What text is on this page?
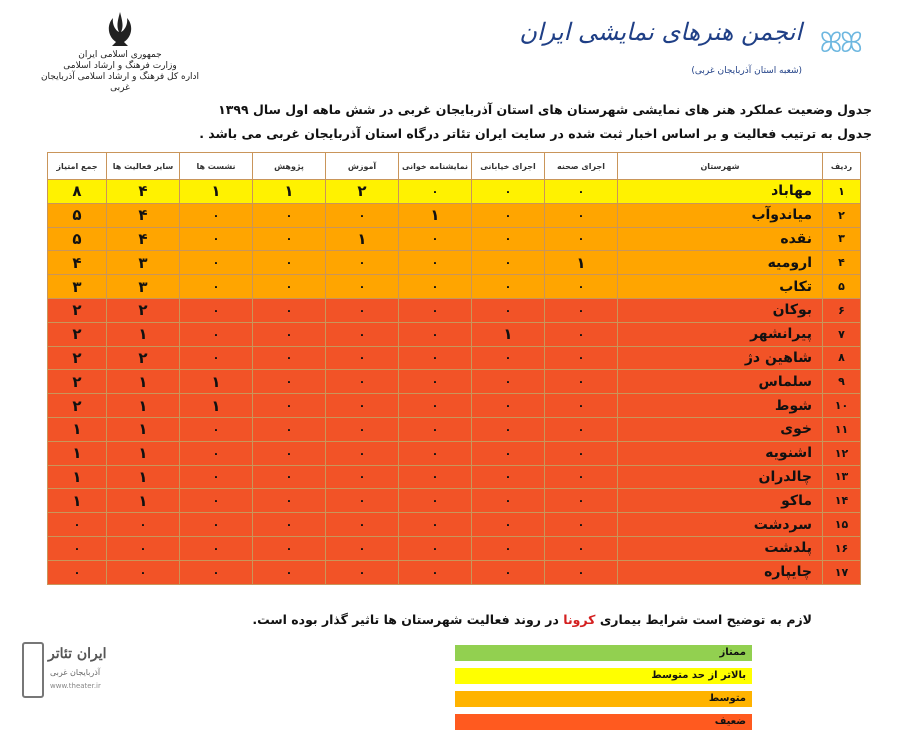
جمهوری اسلامی ایران
وزارت فرهنگ و ارشاد اسلامی
اداره کل فرهنگ و ارشاد اسلامی آذربایجان غربی
ꕤꕤ
انجمن هنرهای نمایشی ایران
(شعبه استان آذربایجان غربی)
جدول وضعیت عملکرد هنر های نمایشی شهرستان های استان آذربایجان غربی در شش ماهه اول سال ۱۳۹۹
جدول به ترتیب فعالیت و بر اساس اخبار ثبت شده در سایت ایران تئاتر درگاه استان آذربایجان غربی می باشد .
ردیف	شهرستان	اجرای صحنه	اجرای خیابانی	نمایشنامه خوانی	آموزش	پژوهش	نشست ها	سایر فعالیت ها	جمع امتیاز
۱	مهاباد	۰	۰	۰	۲	۱	۱	۴	۸
۲	میاندوآب	۰	۰	۱	۰	۰	۰	۴	۵
۳	نقده	۰	۰	۰	۱	۰	۰	۴	۵
۴	ارومیه	۱	۰	۰	۰	۰	۰	۳	۴
۵	تکاب	۰	۰	۰	۰	۰	۰	۳	۳
۶	بوکان	۰	۰	۰	۰	۰	۰	۲	۲
۷	پیرانشهر	۰	۱	۰	۰	۰	۰	۱	۲
۸	شاهین دژ	۰	۰	۰	۰	۰	۰	۲	۲
۹	سلماس	۰	۰	۰	۰	۰	۱	۱	۲
۱۰	شوط	۰	۰	۰	۰	۰	۱	۱	۲
۱۱	خوی	۰	۰	۰	۰	۰	۰	۱	۱
۱۲	اشنویه	۰	۰	۰	۰	۰	۰	۱	۱
۱۳	چالدران	۰	۰	۰	۰	۰	۰	۱	۱
۱۴	ماکو	۰	۰	۰	۰	۰	۰	۱	۱
۱۵	سردشت	۰	۰	۰	۰	۰	۰	۰	۰
۱۶	پلدشت	۰	۰	۰	۰	۰	۰	۰	۰
۱۷	چایپاره	۰	۰	۰	۰	۰	۰	۰	۰
لازم به توضیح است شرایط بیماری کرونا در روند فعالیت شهرستان ها تاثیر گذار بوده است.
ممتاز
بالاتر از حد متوسط
متوسط
ضعیف
ایران تئاتر
آذربایجان غربی
www.theater.ir
